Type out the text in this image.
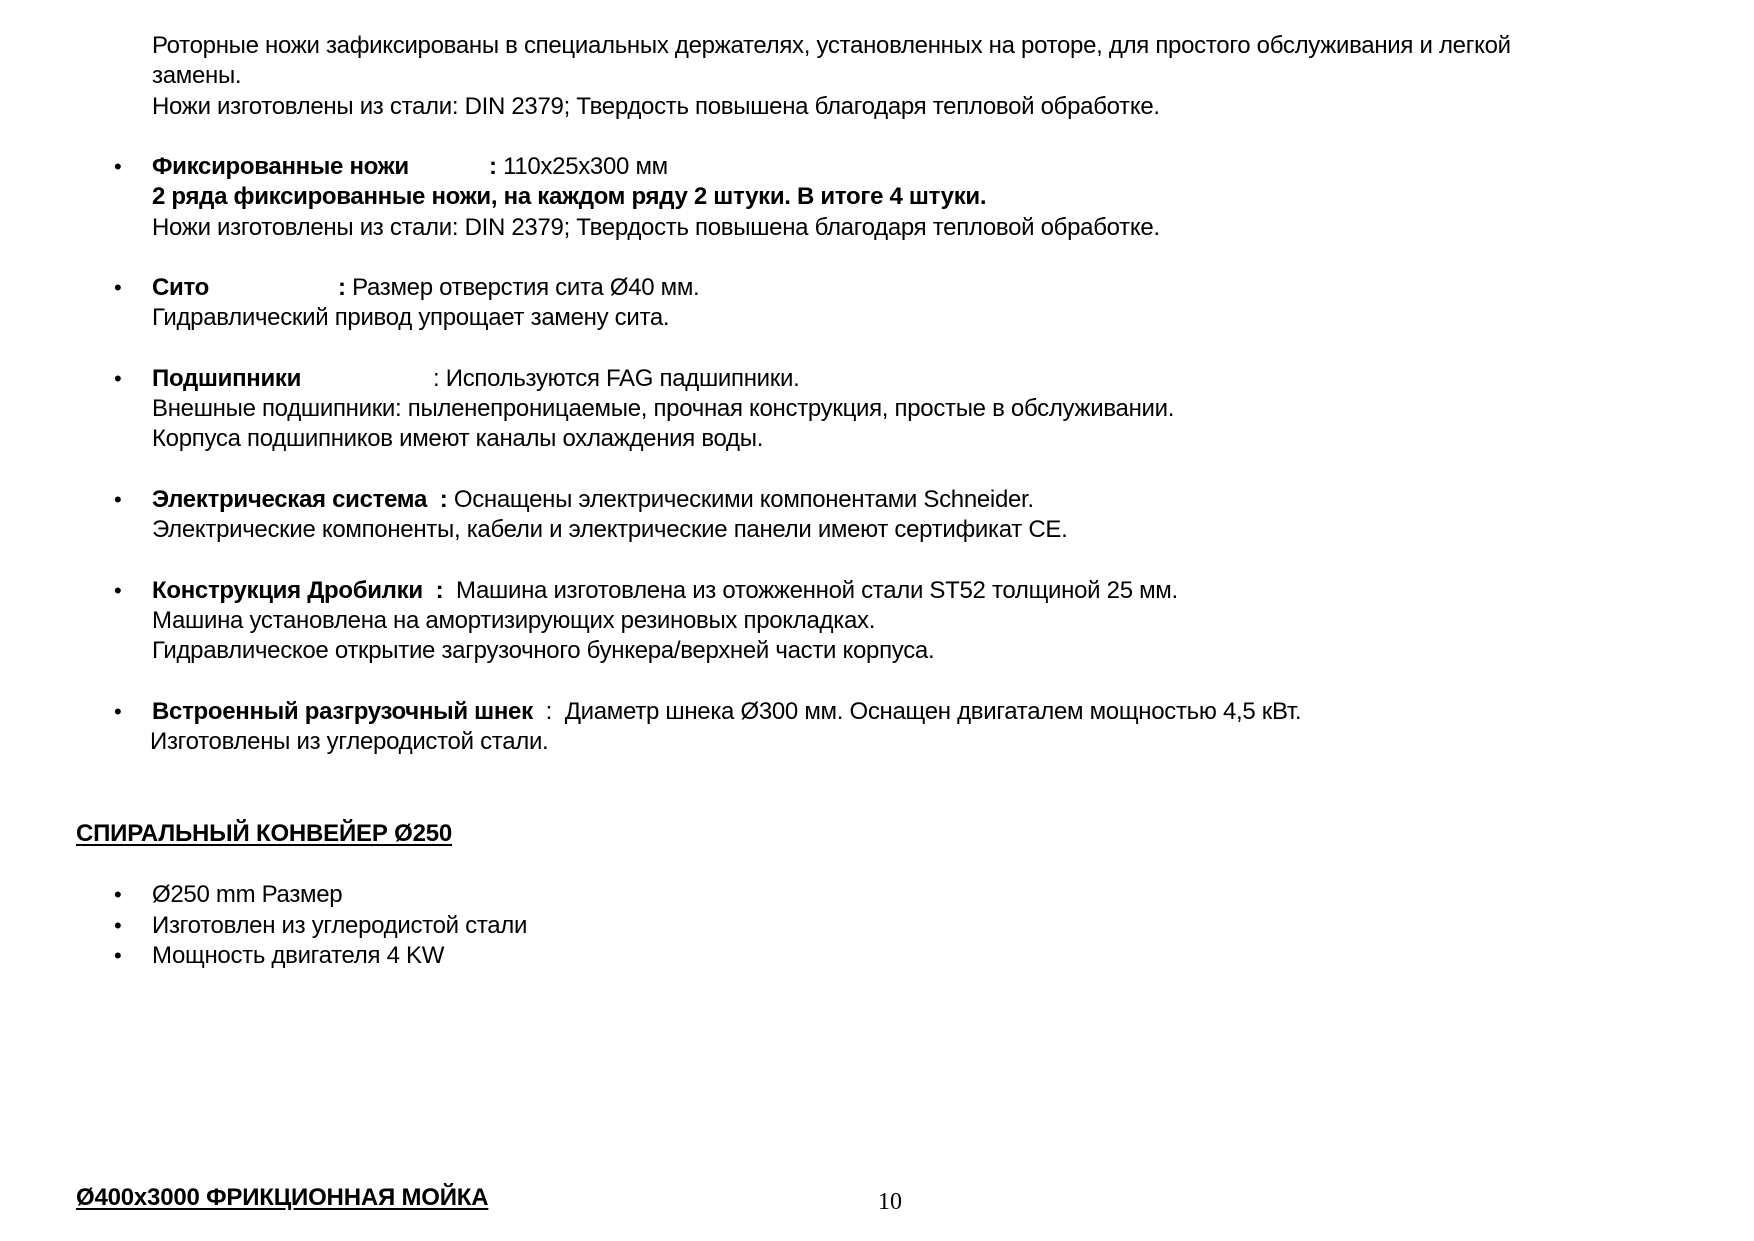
Роторные ножи зафиксированы в специальных держателях, установленных на роторе, для простого обслуживания и легкой
замены.
Ножи изготовлены из стали: DIN 2379; Твердость повышена благодаря тепловой обработке.
• Фиксированные ножи	: 110x25x300 мм
2 ряда фиксированные ножи, на каждом ряду 2 штуки. В итоге 4 штуки.
Ножи изготовлены из стали: DIN 2379; Твердость повышена благодаря тепловой обработке.
• Сито	: Размер отверстия сита Ø40 мм.
Гидравлический привод упрощает замену сита.
• Подшипники	: Используются FAG падшипники.
Внешные подшипники: пыленепроницаемые, прочная конструкция, простые в обслуживании.
Корпуса подшипников имеют каналы охлаждения воды.
• Электрическая система : Оснащены электрическими компонентами Schneider.
Электрические компоненты, кабели и электрические панели имеют сертификат CE.
• Конструкция Дробилки : Машина изготовлена из отожженной стали ST52 толщиной 25 мм.
Машина установлена на амортизирующих резиновых прокладках.
Гидравлическое открытие загрузочного бункера/верхней части корпуса.
• Встроенный разгрузочный шнек : Диаметр шнека Ø300 мм. Оснащен двигаталем мощностью 4,5 кВт.
Изготовлены из углеродистой стали.
СПИРАЛЬНЫЙ КОНВЕЙЕР Ø250
• Ø250 mm Размер
• Изготовлен из углеродистой стали
• Мощность двигателя 4 KW
Ø400x3000 ФРИКЦИОННАЯ МОЙКА	10
